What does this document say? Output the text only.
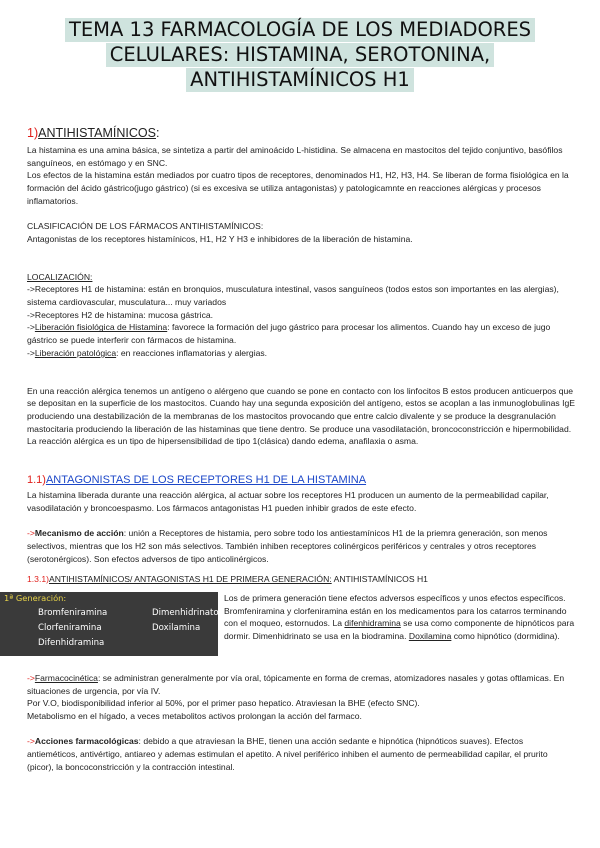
TEMA 13 FARMACOLOGÍA DE LOS MEDIADORES
CELULARES: HISTAMINA, SEROTONINA,
ANTIHISTAMÍNICOS H1

1)ANTIHISTAMÍNICOS:

La histamina es una amina básica, se sintetiza a partir del aminoácido L-histidina. Se almacena en mastocitos del tejido conjuntivo, basófilos sanguíneos, en estómago y en SNC.

Los efectos de la histamina están mediados por cuatro tipos de receptores, denominados H1, H2, H3, H4. Se liberan de forma fisiológica en la formación del ácido gástrico(jugo gástrico) (si es excesiva se utiliza antagonistas) y patologicamnte en reacciones alérgicas y procesos inflamatorios.

CLASIFICACIÓN DE LOS FÁRMACOS ANTIHISTAMÍNICOS:

Antagonistas de los receptores histamínicos, H1, H2 Y H3 e inhibidores de la liberación de histamina.

LOCALIZACIÓN:

->Receptores H1 de histamina: están en bronquios, musculatura intestinal, vasos sanguíneos (todos estos son importantes en las alergias), sistema cardiovascular, musculatura... muy variados

->Receptores H2 de histamina: mucosa gástrica.

->Liberación fisiológica de Histamina: favorece la formación del jugo gástrico para procesar los alimentos. Cuando hay un exceso de jugo gástrico se puede interferir con fármacos de histamina.

->Liberación patológica: en reacciones inflamatorias y alergias.

En una reacción alérgica tenemos un antígeno o alérgeno que cuando se pone en contacto con los linfocitos B estos producen anticuerpos que se depositan en la superficie de los mastocitos. Cuando hay una segunda exposición del antígeno, estos se acoplan a las inmunoglobulinas IgE produciendo una destabilización de la membranas de los mastocitos provocando que entre calcio divalente y se produce la desgranulación mastocitaria produciendo la liberación de las histaminas que tiene dentro. Se produce una vasodilatación, broncoconstricción e hipermobilidad. La reacción alérgica es un tipo de hipersensibilidad de tipo 1(clásica) dando edema, anafilaxia o asma.

1.1)ANTAGONISTAS DE LOS RECEPTORES H1 DE LA HISTAMINA

La histamina liberada durante una reacción alérgica, al actuar sobre los receptores H1 producen un aumento de la permeabilidad capilar, vasodilatación y broncoespasmo. Los fármacos antagonistas H1 pueden inhibir grados de este efecto.

->Mecanismo de acción: unión a Receptores de histamia, pero sobre todo los antiestamínicos H1 de la priemra generación, son menos selectivos, mientras que los H2 son más selectivos. También inhiben receptores colinérgicos periféricos y centrales y otros receptores (serotonérgicos). Son efectos adversos de tipo anticolinérgicos.

1.3.1)ANTIHISTAMÍNICOS/ ANTAGONISTAS H1 DE PRIMERA GENERACIÓN: ANTIHISTAMÍNICOS H1

1ª Generación:
Bromfeniramina	Dimenhidrinato
Clorfeniramina	Doxilamina
Difenhidramina

Los de primera generación tiene efectos adversos específicos y unos efectos específicos. Bromfeniramina y clorfeniramina están en los medicamentos para los catarros terminando con el moqueo, estornudos. La difenhidramina se usa como componente de hipnóticos para dormir. Dimenhidrinato se usa en la biodramina. Doxilamina como hipnótico (dormidina).

->Farmacocinética: se administran generalmente por vía oral, tópicamente en forma de cremas, atomizadores nasales y gotas oftlamicas. En situaciones de urgencia, por vía IV.

Por V.O, biodisponibilidad inferior al 50%, por el primer paso hepatico. Atraviesan la BHE (efecto SNC).

Metabolismo en el hígado, a veces metabolitos activos prolongan la acción del farmaco.

->Acciones farmacológicas: debido a que atraviesan la BHE, tienen una acción sedante e hipnótica (hipnóticos suaves). Efectos antieméticos, antivértigo, antiareo y ademas estimulan el apetito. A nivel periférico inhiben el aumento de permeabilidad capilar, el prurito (picor), la boncoconstricción y la contracción intestinal.
